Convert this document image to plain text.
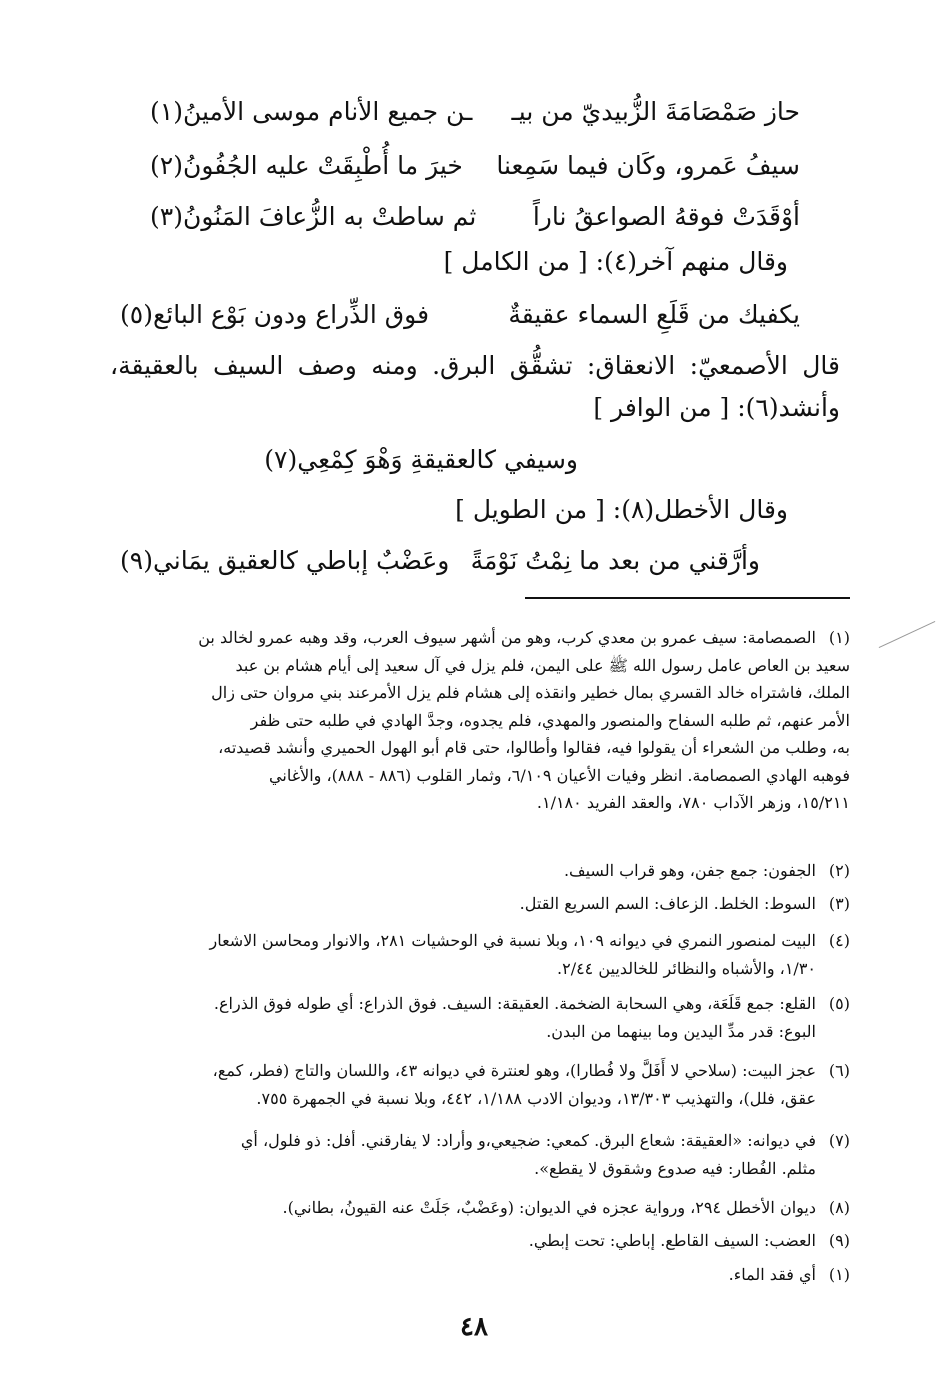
حاز صَمْصَامَةَ الزُّبيديّ من بيـ
ـن جميع الأنام موسى الأمينُ(١)
سيفُ عَمرو، وكَان فيما سَمِعنا
خيرَ ما أُطْبِقَتْ عليه الجُفُونُ(٢)
أوْقَدَتْ فوقهُ الصواعقُ ناراً
ثم ساطتْ به الزُّعافَ المَنُونُ(٣)
وقال منهم آخر(٤): [ من الكامل ]
يكفيك من قَلَعِ السماء عقيقةٌ
فوق الذِّراع ودون بَوْع البائع(٥)
قال الأصمعيّ: الانعقاق: تشقُّق البرق. ومنه وصف السيف بالعقيقة،
وأنشد(٦): [ من الوافر ]
وسيفي كالعقيقةِ وَهْوَ كِمْعِي(٧)
وقال الأخطل(٨): [ من الطويل ]
وأرَّقني من بعد ما نِمْتُ نَوْمَةً
وعَضْبٌ إباطي كالعقيق يمَاني(٩)
(١)الصمصامة: سيف عمرو بن معدي كرب، وهو من أشهر سيوف العرب، وقد وهبه عمرو لخالد بن
سعيد بن العاص عامل رسول الله ﷺ على اليمن، فلم يزل في آل سعيد إلى أيام هشام بن عبد
الملك، فاشتراه خالد القسري بمال خطير وانقذه إلى هشام فلم يزل الأمرعند بني مروان حتى زال
الأمر عنهم، ثم طلبه السفاح والمنصور والمهدي، فلم يجدوه، وجدَّ الهادي في طلبه حتى ظفر
به، وطلب من الشعراء أن يقولوا فيه، فقالوا وأطالوا، حتى قام أبو الهول الحميري وأنشد قصيدته،
فوهبه الهادي الصمصامة. انظر وفيات الأعيان ٦/١٠٩، وثمار القلوب (٨٨٦ - ٨٨٨)، والأغاني
١٥/٢١١، وزهر الآداب ٧٨٠، والعقد الفريد ١/١٨٠.
(٢)الجفون: جمع جفن، وهو قراب السيف.
(٣)السوط: الخلط. الزعاف: السم السريع القتل.
(٤)البيت لمنصور النمري في ديوانه ١٠٩، وبلا نسبة في الوحشيات ٢٨١، والانوار ومحاسن الاشعار
١/٣٠، والأشباه والنظائر للخالديين ٢/٤٤.
(٥)القلع: جمع قَلَعَة، وهي السحابة الضخمة. العقيقة: السيف. فوق الذراع: أي طوله فوق الذراع.
البوع: قدر مدِّ اليدين وما بينهما من البدن.
(٦)عجز البيت: (سلاحي لا أَفَلَّ ولا فُطارا)، وهو لعنترة في ديوانه ٤٣، واللسان والتاج (فطر، كمع،
عقق، فلل)، والتهذيب ١٣/٣٠٣، وديوان الادب ١/١٨٨، ٤٤٢، وبلا نسبة في الجمهرة ٧٥٥.
(٧)في ديوانه: «العقيقة: شعاع البرق. كمعي: ضجيعي،و وأراد: لا يفارقني. أفل: ذو فلول، أي
مثلم. الفُطار: فيه صدوع وشقوق لا يقطع».
(٨)ديوان الأخطل ٢٩٤، ورواية عجزه في الديوان: (وعَضْبٌ، جَلَتْ عنه القيونُ، بطاني).
(٩)العضب: السيف القاطع. إباطي: تحت إبطي.
(١)أي فقد الماء.
٤٨
